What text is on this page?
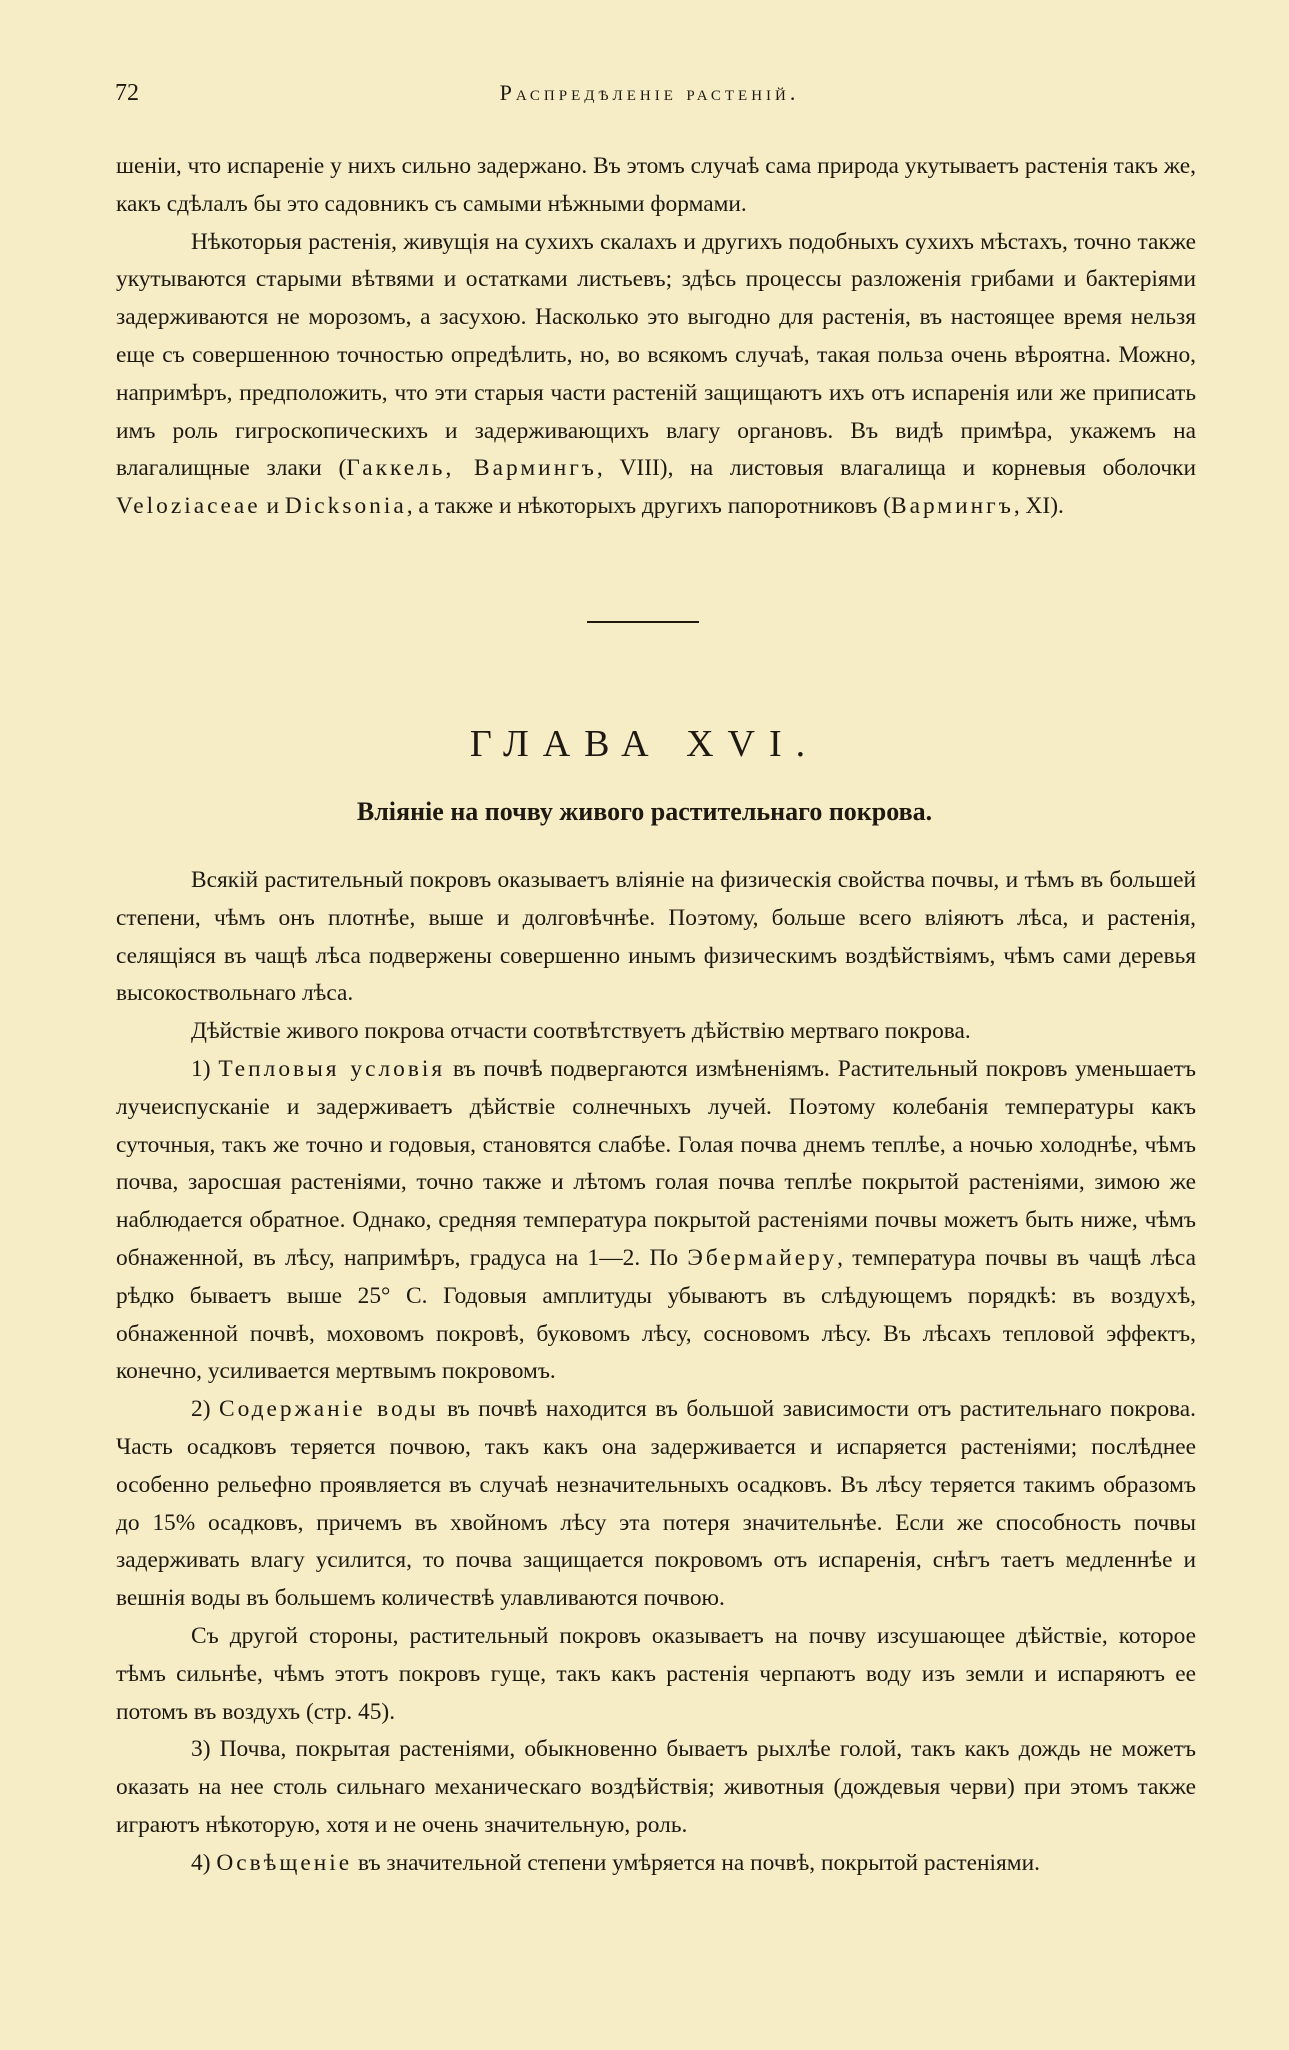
72	Распредѣленіе растеній.

шеніи, что испареніе у нихъ сильно задержано. Въ этомъ случаѣ сама природа укутываетъ растенія такъ же, какъ сдѣлалъ бы это садовникъ съ самыми нѣжными формами.

Нѣкоторыя растенія, живущія на сухихъ скалахъ и другихъ подобныхъ сухихъ мѣстахъ, точно также укутываются старыми вѣтвями и остатками листьевъ; здѣсь процессы разложенія грибами и бактеріями задерживаются не морозомъ, а засухою. Насколько это выгодно для растенія, въ настоящее время нельзя еще съ совершенною точностью опредѣлить, но, во всякомъ случаѣ, такая польза очень вѣроятна. Можно, напримѣръ, предположить, что эти старыя части растеній защищаютъ ихъ отъ испаренія или же приписать имъ роль гигроскопическихъ и задерживающихъ влагу органовъ. Въ видѣ примѣра, укажемъ на влагалищные злаки (Гаккель, Вармингъ, VIII), на листовыя влагалища и корневыя оболочки Veloziaceae и Dicksonia, а также и нѣкоторыхъ другихъ папоротниковъ (Вармингъ, XI).

ГЛАВА XVI.
Вліяніе на почву живого растительнаго покрова.

Всякій растительный покровъ оказываетъ вліяніе на физическія свойства почвы, и тѣмъ въ большей степени, чѣмъ онъ плотнѣе, выше и долговѣчнѣе. Поэтому, больше всего вліяютъ лѣса, и растенія, селящіяся въ чащѣ лѣса подвержены совершенно инымъ физическимъ воздѣйствіямъ, чѣмъ сами деревья высокоствольнаго лѣса.

Дѣйствіе живого покрова отчасти соотвѣтствуетъ дѣйствію мертваго покрова.

1) Тепловыя условія въ почвѣ подвергаются измѣненіямъ. Растительный покровъ уменьшаетъ лучеиспусканіе и задерживаетъ дѣйствіе солнечныхъ лучей. Поэтому колебанія температуры какъ суточныя, такъ же точно и годовыя, становятся слабѣе. Голая почва днемъ теплѣе, а ночью холоднѣе, чѣмъ почва, заросшая растеніями, точно также и лѣтомъ голая почва теплѣе покрытой растеніями, зимою же наблюдается обратное. Однако, средняя температура покрытой растеніями почвы можетъ быть ниже, чѣмъ обнаженной, въ лѣсу, напримѣръ, градуса на 1—2. По Эбермайеру, температура почвы въ чащѣ лѣса рѣдко бываетъ выше 25° С. Годовыя амплитуды убываютъ въ слѣдующемъ порядкѣ: въ воздухѣ, обнаженной почвѣ, моховомъ покровѣ, буковомъ лѣсу, сосновомъ лѣсу. Въ лѣсахъ тепловой эффектъ, конечно, усиливается мертвымъ покровомъ.

2) Содержаніе воды въ почвѣ находится въ большой зависимости отъ растительнаго покрова. Часть осадковъ теряется почвою, такъ какъ она задерживается и испаряется растеніями; послѣднее особенно рельефно проявляется въ случаѣ незначительныхъ осадковъ. Въ лѣсу теряется такимъ образомъ до 15% осадковъ, причемъ въ хвойномъ лѣсу эта потеря значительнѣе. Если же способность почвы задерживать влагу усилится, то почва защищается покровомъ отъ испаренія, снѣгъ таетъ медленнѣе и вешнія воды въ большемъ количествѣ улавливаются почвою.

Съ другой стороны, растительный покровъ оказываетъ на почву изсушающее дѣйствіе, которое тѣмъ сильнѣе, чѣмъ этотъ покровъ гуще, такъ какъ растенія черпаютъ воду изъ земли и испаряютъ ее потомъ въ воздухъ (стр. 45).

3) Почва, покрытая растеніями, обыкновенно бываетъ рыхлѣе голой, такъ какъ дождь не можетъ оказать на нее столь сильнаго механическаго воздѣйствія; животныя (дождевыя черви) при этомъ также играютъ нѣкоторую, хотя и не очень значительную, роль.

4) Освѣщеніе въ значительной степени умѣряется на почвѣ, покрытой растеніями.
